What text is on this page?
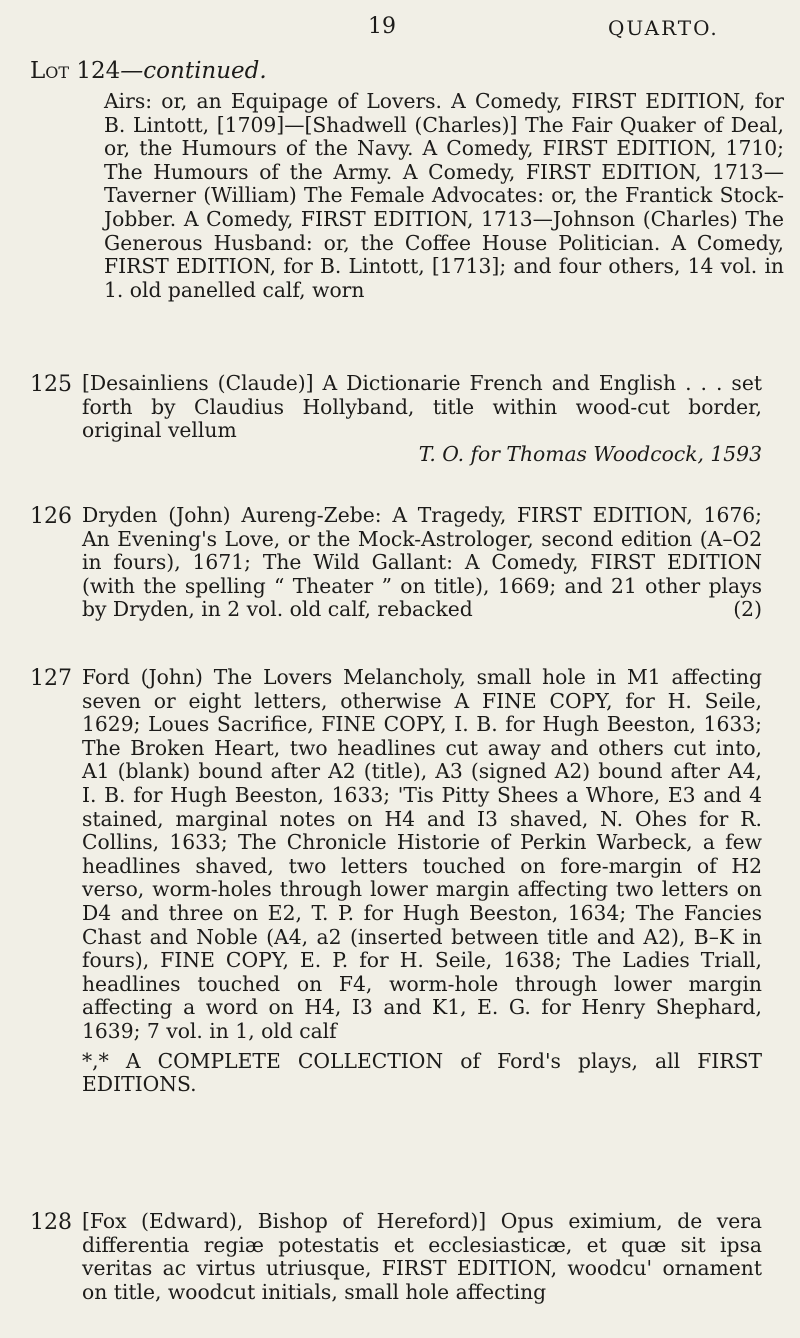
19	QUARTO.
Lot 124—continued.

Airs: or, an Equipage of Lovers. A Comedy, FIRST EDITION, for B. Lintott, [1709]—[Shadwell (Charles)] The Fair Quaker of Deal, or, the Humours of the Navy. A Comedy, FIRST EDITION, 1710; The Humours of the Army. A Comedy, FIRST EDITION, 1713—Taverner (William) The Female Advocates: or, the Frantick Stock-Jobber. A Comedy, FIRST EDITION, 1713—Johnson (Charles) The Generous Husband: or, the Coffee House Politician. A Comedy, FIRST EDITION, for B. Lintott, [1713]; and four others, 14 vol. in 1. old panelled calf, worn

125 [Desainliens (Claude)] A Dictionarie French and English . . . set forth by Claudius Hollyband, title within wood-cut border, original vellum

T. O. for Thomas Woodcock, 1593

126 Dryden (John) Aureng-Zebe: A Tragedy, FIRST EDITION, 1676; An Evening's Love, or the Mock-Astrologer, second edition (A–O2 in fours), 1671; The Wild Gallant: A Comedy, FIRST EDITION (with the spelling “ Theater ” on title), 1669; and 21 other plays by Dryden, in 2 vol. old calf, rebacked	(2)

127 Ford (John) The Lovers Melancholy, small hole in M1 affecting seven or eight letters, otherwise A FINE COPY, for H. Seile, 1629; Loues Sacrifice, FINE COPY, I. B. for Hugh Beeston, 1633; The Broken Heart, two headlines cut away and others cut into, A1 (blank) bound after A2 (title), A3 (signed A2) bound after A4, I. B. for Hugh Beeston, 1633; 'Tis Pitty Shees a Whore, E3 and 4 stained, marginal notes on H4 and I3 shaved, N. Ohes for R. Collins, 1633; The Chronicle Historie of Perkin Warbeck, a few headlines shaved, two letters touched on fore-margin of H2 verso, worm-holes through lower margin affecting two letters on D4 and three on E2, T. P. for Hugh Beeston, 1634; The Fancies Chast and Noble (A4, a2 (inserted between title and A2), B–K in fours), FINE COPY, E. P. for H. Seile, 1638; The Ladies Triall, headlines touched on F4, worm-hole through lower margin affecting a word on H4, I3 and K1, E. G. for Henry Shephard, 1639; 7 vol. in 1, old calf

*,* A COMPLETE COLLECTION of Ford's plays, all FIRST EDITIONS.

128 [Fox (Edward), Bishop of Hereford)] Opus eximium, de vera differentia regiæ potestatis et ecclesiasticæ, et quæ sit ipsa veritas ac virtus utriusque, FIRST EDITION, woodcu' ornament on title, woodcut initials, small hole affecting
